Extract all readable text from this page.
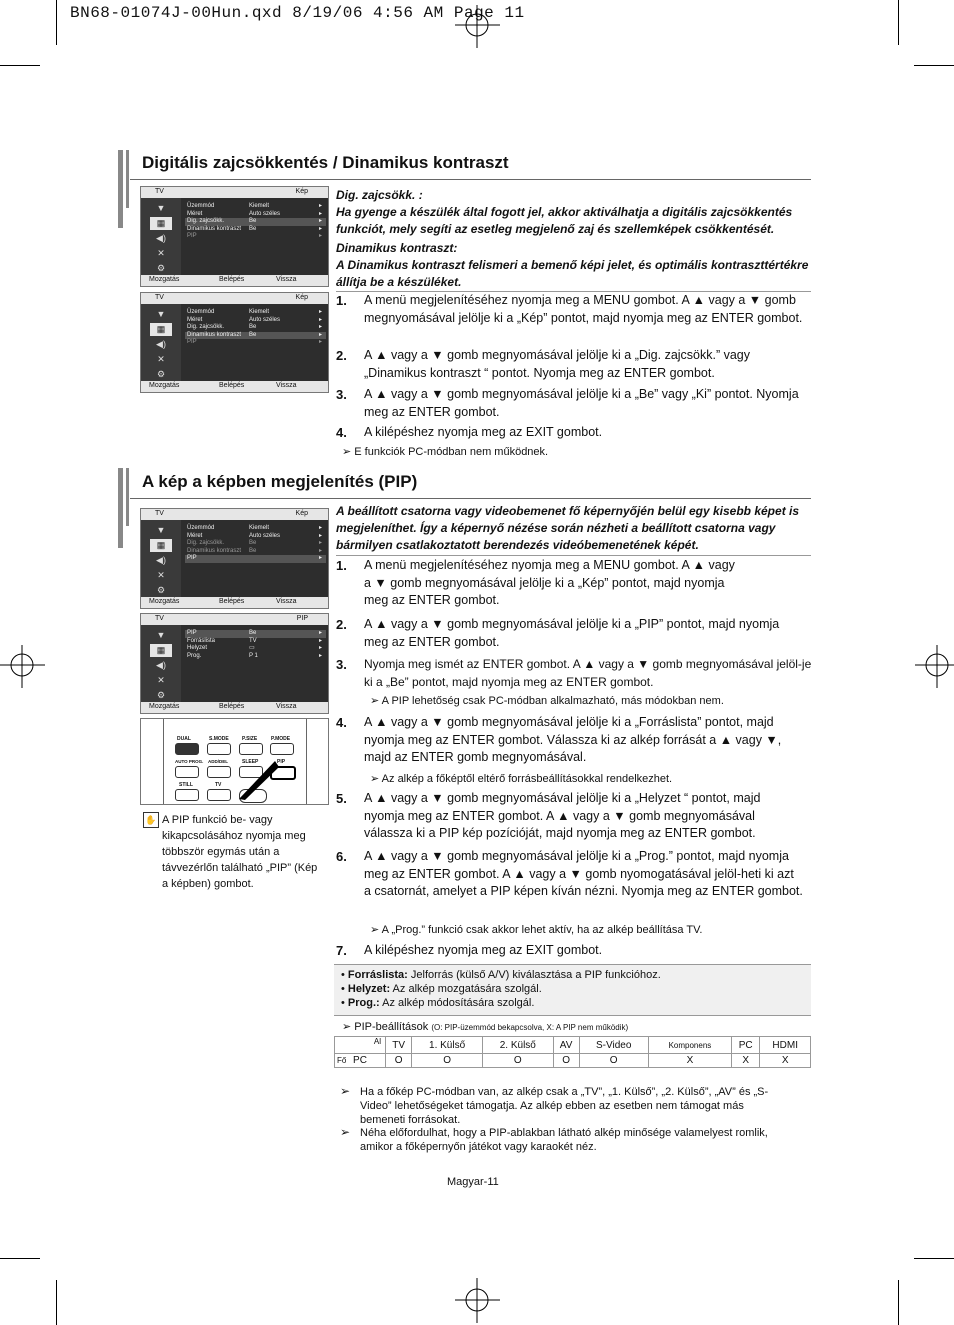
BN68-01074J-00Hun.qxd 8/19/06 4:56 AM Page 11
Digitális zajcsökkentés / Dinamikus kontraszt
TV	Kép
▼
▦
◀)
✕
⚙
Üzemmód	Kiemelt	▸
Méret	Auto széles	▸
Dig. zajcsökk.	Be	▸
Dinamikus kontraszt Be	▸
PIP	▸
Mozgatás	Belépés	Vissza
TV	Kép
▼
▦
◀)
✕
⚙
Üzemmód	Kiemelt	▸
Méret	Auto széles	▸
Dig. zajcsökk.	Be	▸
Dinamikus kontraszt Be	▸
PIP	▸
Mozgatás	Belépés	Vissza
Dig. zajcsökk. :
Ha gyenge a készülék által fogott jel, akkor aktiválhatja a digitális zajcsökkentés funkciót, mely segíti az esetleg megjelenő zaj és szellemképek csökkentését.
Dinamikus kontraszt:
A Dinamikus kontraszt felismeri a bemenő képi jelet, és optimális kontraszttértékre állítja be a készüléket.
1. A menü megjelenítéséhez nyomja meg a MENU gombot. A ▲ vagy a ▼ gomb megnyomásával jelölje ki a „Kép” pontot, majd nyomja meg az ENTER gombot.
2. A ▲ vagy a ▼ gomb megnyomásával jelölje ki a „Dig. zajcsökk.” vagy „Dinamikus kontraszt “ pontot. Nyomja meg az ENTER gombot.
3. A ▲ vagy a ▼ gomb megnyomásával jelölje ki a „Be” vagy „Ki” pontot. Nyomja meg az ENTER gombot.
4. A kilépéshez nyomja meg az EXIT gombot.
➢ E funkciók PC-módban nem működnek.
A kép a képben megjelenítés (PIP)
TV	Kép
▼
▦
◀)
✕
⚙
Üzemmód	Kiemelt	▸
Méret	Auto széles	▸
Dig. zajcsökk.	Be	▸
Dinamikus kontraszt Be	▸
PIP	▸
Mozgatás	Belépés	Vissza
TV	PIP
▼
▦
◀)
✕
⚙
PIP	Be	▸
Forráslista	TV	▸
Helyzet	▭	▸
Prog.	P 1	▸
Mozgatás	Belépés	Vissza
DUAL	S.MODE	P.SIZE	P.MODE
AUTO PROG. ADD/DEL	SLEEP	PIP
STILL	TV
✋ A PIP funkció be- vagy kikapcsolásához nyomja meg többször egymás után a távvezérlőn található „PIP” (Kép a képben) gombot.
A beállított csatorna vagy videobemenet fő képernyőjén belül egy kisebb képet is megjeleníthet. Így a képernyő nézése során nézheti a beállított csatorna vagy bármilyen csatlakoztatott berendezés videóbemenetének képét.
1. A menü megjelenítéséhez nyomja meg a MENU gombot. A ▲ vagy a ▼ gomb megnyomásával jelölje ki a „Kép” pontot, majd nyomja meg az ENTER gombot.
2. A ▲ vagy a ▼ gomb megnyomásával jelölje ki a „PIP” pontot, majd nyomja meg az ENTER gombot.
3. Nyomja meg ismét az ENTER gombot. A ▲ vagy a ▼ gomb megnyomásával jelöl-je ki a „Be” pontot, majd nyomja meg az ENTER gombot.
➢ A PIP lehetőség csak PC-módban alkalmazható, más módokban nem.
4. A ▲ vagy a ▼ gomb megnyomásával jelölje ki a „Forráslista” pontot, majd nyomja meg az ENTER gombot. Válassza ki az alkép forrását a ▲ vagy ▼, majd az ENTER gomb megnyomásával.
➢ Az alkép a főképtől eltérő forrásbeállításokkal rendelkezhet.
5. A ▲ vagy a ▼ gomb megnyomásával jelölje ki a „Helyzet “ pontot, majd nyomja meg az ENTER gombot. A ▲ vagy a ▼ gomb megnyomásával válassza ki a PIP kép pozícióját, majd nyomja meg az ENTER gombot.
6. A ▲ vagy a ▼ gomb megnyomásával jelölje ki a „Prog.” pontot, majd nyomja meg az ENTER gombot. A ▲ vagy a ▼ gomb nyomogatásával jelöl-heti ki azt a csatornát, amelyet a PIP képen kíván nézni. Nyomja meg az ENTER gombot.
➢ A „Prog.” funkció csak akkor lehet aktív, ha az alkép beállítása TV.
7. A kilépéshez nyomja meg az EXIT gombot.
• Forráslista: Jelforrás (külső A/V) kiválasztása a PIP funkcióhoz.
• Helyzet: Az alkép mozgatására szolgál.
• Prog.: Az alkép módosítására szolgál.
➢ PIP-beállítások (O: PIP-üzemmód bekapcsolva, X: A PIP nem működik)
Al
Fő	TV	1. Külső	2. Külső	AV	S-Video	Komponens	PC	HDMI
PC	O	O	O	O	O	X	X	X
➢ Ha a főkép PC-módban van, az alkép csak a „TV”, „1. Külső”, „2. Külső”, „AV” és „S-Video” lehetőségeket támogatja. Az alkép ebben az esetben nem támogat más bemeneti forrásokat.
➢ Néha előfordulhat, hogy a PIP-ablakban látható alkép minősége valamelyest romlik, amikor a főképernyőn játékot vagy karaokét néz.
Magyar-11
